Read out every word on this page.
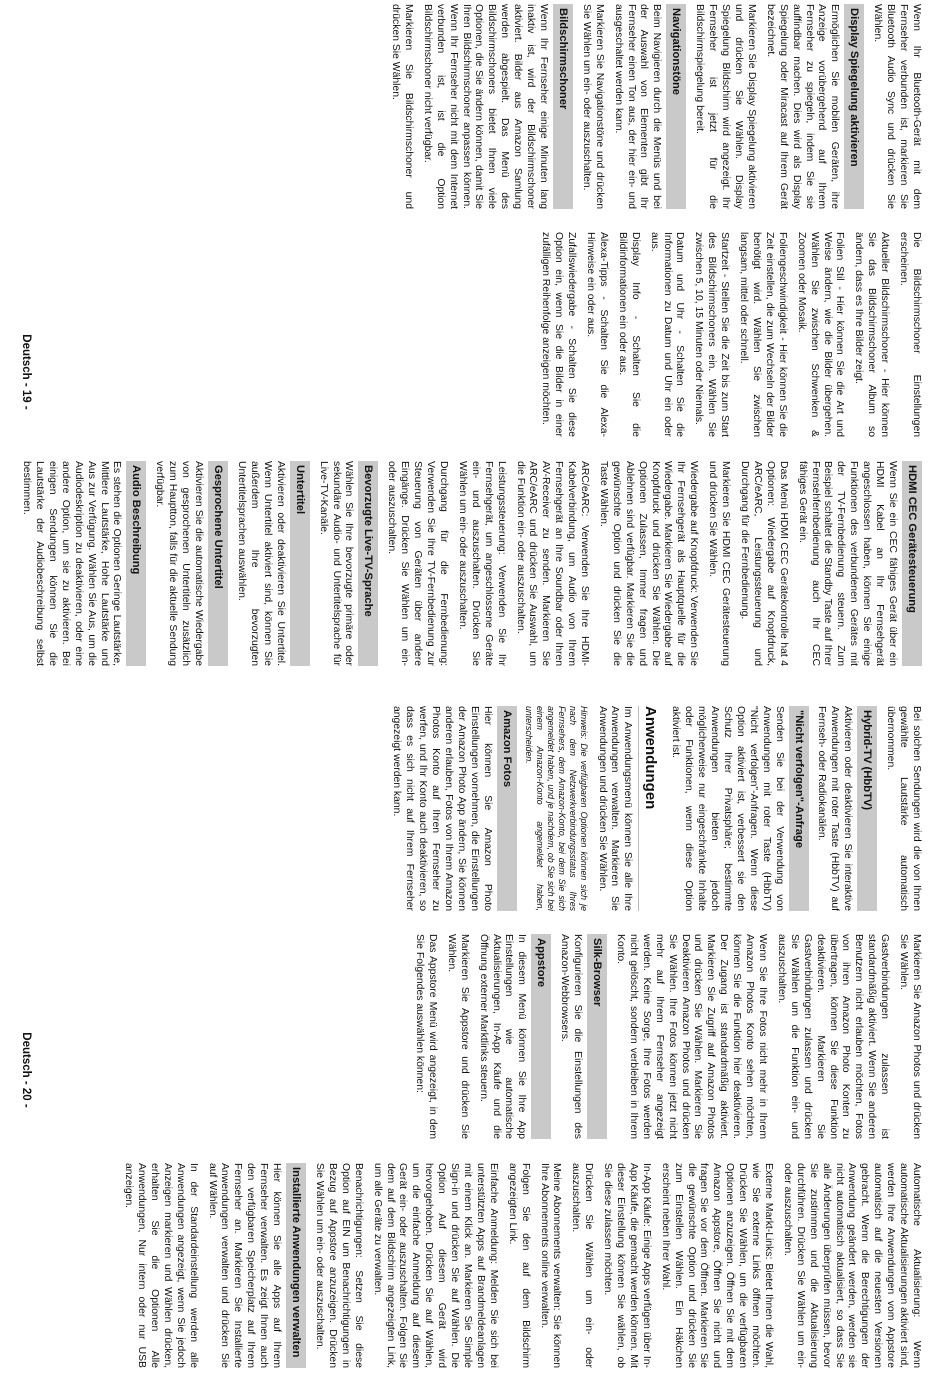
Wenn Ihr Bluetooth-Gerät mit dem Fernseher verbunden ist, markieren Sie Bluetooth Audio Sync und drücken Sie Wählen.

Display Spiegelung aktivieren

Ermöglichen Sie mobilen Geräten, ihre Anzeige vorübergehend auf Ihrem Fernseher zu spiegeln, indem Sie sie auffindbar machen. Dies wird als Display Spiegelung oder Miracast auf Ihrem Gerät bezeichnet.

Markieren Sie Display Spiegelung aktivieren und drücken Sie Wählen. Display Spiegelung Bildschirm wird angezeigt. Ihr Fernseher ist jetzt für die Bildschirmspiegelung bereit.

Navigationstöne

Beim Navigieren durch die Menüs und bei der Auswahl von Elementen gibt Ihr Fernseher einen Ton aus, der hier ein- und ausgeschaltet werden kann.

Markieren Sie Navigationstöne und drücken Sie Wählen um ein- oder auszuschalten.

Bildschirmschoner

Wenn Ihr Fernseher einige Minuten lang inaktiv ist, wird der Bildschirmschoner aktiviert. Bilder aus Amazon Samlung werden abgespielt. Das Menü des Bildschirmschoners bietet Ihnen viele Optionen, die Sie ändern können, damit Sie Ihren Bildschirmschoner anpassen können. Wenn Ihr Fernseher nicht mit dem Internet verbunden ist, ist die Option Bildschirmschoner nicht verfügbar.

Markieren Sie Bildschirmschoner und drücken Sie Wählen.

Die Bildschirmschoner Einstellungen erscheinen.

Aktueller Bildschirmschoner - Hier können Sie das Bildschirmschoner Album so ändern, dass es Ihre Bilder zeigt.

Folien Stil - Hier können Sie die Art und Weise ändern, wie die Bilder übergehen. Wählen Sie zwischen Schwenken & Zoomen oder Mosaik.

Foliengeschwindigkeit - Hier können Sie die Zeit einstellen, die zum Wechseln der Bilder benötigt wird. Wählen Sie zwischen langsam, mittel oder schnell.

Startzeit - Stellen Sie die Zeit bis zum Start des Bildschirmschoners ein. Wählen Sie zwischen 5, 10, 15 Minuten oder Niemals.

Datum und Uhr - Schalten Sie die Informationen zu Datum und Uhr ein oder aus.

Display Info - Schalten Sie die Bildinformationen ein oder aus.

Alexa-Tipps - Schalten Sie die Alexa-Hinweise ein oder aus.

Zufallswiedergabe - Schalten Sie diese Option ein, wenn Sie die Bilder in einer zufälligen Reihenfolge anzeigen möchten.

HDMI CEC Gerätesteuerung

Wenn Sie ein CEC fähiges Gerät über ein HDMI Kabel an Ihr Fernsehgerät angeschlossen haben, können Sie einige Funktionen des verbundenen Gerätes mit der TV-Fernbedienung steuern. Zum Beispiel schaltet die Standby Taste auf Ihrer Fernsehfernbedienung auch Ihr CEC fähiges Gerät ein.

Das Menü HDMI CEC Gerätekontrolle hat 4 Optionen: Wiedergabe auf Knopfdruck, ARC/eARC, Leistungssteuerung und Durchgang für die Fernbedienung.

Markieren Sie HDMI CEC Gerätesteuerung und drücken Sie Wählen.

Wiedergabe auf Knopfdruck: Verwenden Sie Ihr Fernsehgerät als Hauptquelle für die Wiedergabe. Markieren Sie Wiedergabe auf Knopfdruck und drücken Sie Wählen. Die Optionen Zulassen, Immer fragen und Ablehnen sind verfügbar. Markieren Sie die gewünschte Option und drücken Sie die Taste Wählen.

ARC/eARC: Verwenden Sie Ihre HDMI-Kabelverbindung, um Audio von Ihrem Fernsehgerät an Ihre Soundbar oder Ihren AV-Receiver zu senden. Markieren Sie ARC/eARC und drücken Sie Auswahl, um die Funktion ein- oder auszuschalten.

Leistungssteuerung: Verwenden Sie Ihr Fernsehgerät, um angeschlossene Geräte ein- und auszuschalten. Drücken Sie Wählen um ein- oder auszuschalten.

Durchgang für die Fernbedienung: Verwenden Sie Ihre TV-Fernbedienung zur Steuerung von Geräten über andere Eingänge. Drücken Sie Wählen um ein- oder auszuschalten.

Bevorzugte Live-TV-Sprache

Wählen Sie Ihre bevorzugte primäre oder sekundäre Audio- und Untertitelsprache für Live-TV-Kanäle.

Untertitel

Aktivieren oder deaktivieren Sie Untertitel. Wenn Untertitel aktiviert sind, können Sie außerdem Ihre bevorzugten Untertitelsprachen auswählen.

Gesprochene Untertitel

Aktivieren Sie die automatische Wiedergabe von gesprochenen Untertiteln zusätzlich zum Hauptton, falls für die aktuelle Sendung verfügbar.

Audio Beschreibung

Es stehen die Optionen Geringe Lautstärke, Mittlere Lautstärke, Hohe Lautstärke und Aus zur Verfügung. Wählen Sie Aus, um die Audiodeskription zu deaktivieren, oder eine andere Option, um sie zu aktivieren. Bei einigen Sendungen können Sie die Lautstärke der Audiobeschreibung selbst bestimmen.

Deutsch - 19 -

Bei solchen Sendungen wird die von Ihnen gewählte Lautstärke automatisch übernommen.

Hybrid-TV (HbbTV)

Aktivieren oder deaktivieren Sie interaktive Anwendungen mit roter Taste (HbbTV) auf Fernseh- oder Radiokanälen.

"Nicht verfolgen"-Anfrage

Senden Sie bei der Verwendung von Anwendungen mit roter Taste (HbbTV) "Nicht verfolgen"-Anfragen. Wenn diese Option aktiviert ist, verbessert sie den Schutz Ihrer Privatsphäre; bestimmte Anwendungen bieten jedoch möglicherweise nur eingeschränkte Inhalte oder Funktionen, wenn diese Option aktiviert ist.

Anwendungen

Im Anwendungsmenü können Sie alle Ihre Anwendungen verwalten. Markieren Sie Anwendungen und drücken Sie Wählen.

Hinweis: Die verfügbaren Optionen können sich je nach dem Netzwerkverbindungsstatus Ihres Fernsehers, dem Amazon-Konto, bei dem Sie sich angemeldet haben, und je nachdem, ob Sie sich bei einem Amazon-Konto angemeldet haben, unterscheiden.

Amazon Fotos

Hier können Sie Amazon Photo Einstellungen vornehmen, die Einstellungen der Amazon Photo App ändern, Sie können anderen erlauben, Fotos von Ihrem Amazon Photos Konto auf Ihren Fernseher zu werfen, und Ihr Konto auch deaktivieren, so dass es sich nicht auf Ihrem Fernseher angezeigt werden kann.

Markieren Sie Amazon Photos und drücken Sie Wählen.

Gastverbindungen zulassen ist standardmäßig aktiviert. Wenn Sie anderen Benutzern nicht erlauben möchten, Fotos von ihren Amazon Photo Konten zu übertragen, können Sie diese Funktion deaktivieren. Markieren Sie Gastverbindungen zulassen und drücken Sie Wählen um die Funktion ein- und auszuschalten.

Wenn Sie Ihre Fotos nicht mehr in Ihrem Amazon Photos Konto sehen möchten, können Sie die Funktion hier deaktivieren. Der Zugang ist standardmäßig aktiviert. Markieren Sie Zugriff auf Amazon Photos und drücken Sie Wählen. Markieren Sie Deaktivieren Amazon Photos und drücken Sie Wählen. Ihre Fotos können jetzt nicht mehr auf Ihrem Fernseher angezeigt werden. Keine Sorge, Ihre Fotos werden nicht gelöscht, sondern verbleiben in Ihrem Konto.

Silk-Browser

Konfigurieren Sie die Einstellungen des Amazon-Webbrowsers.

Appstore

In diesem Menü können Sie Ihre App Einstellungen wie automatische Aktualisierungen, In-App Käufe und die Öffnung externer Marktlinks steuern.

Markieren Sie Appstore und drücken Sie Wählen.

Das Appstore Menü wird angezeigt, in dem Sie Folgendes auswählen können:

Automatische Aktualisierung: Wenn automatische Aktualisierungen aktiviert sind, werden Ihre Anwendungen vom Appstore automatisch auf die neuesten Versionen gebracht. Wenn die Berechtigungen der Anwendung geändert werden, werden sie nicht automatisch aktualisiert, so dass Sie alle Änderungen überprüfen müssen, bevor Sie zustimmen und die Aktualisierung durchführen. Drücken Sie Wählen um ein- oder auszuschalten.

Externe Markt-Links: Bietet Ihnen die Wahl, wie Sie externe Links öffnen möchten. Drücken Sie Wählen, um die verfügbaren Optionen anzuzeigen. Öffnen Sie mit dem Amazon Appstore, Öffnen Sie nicht und fragen Sie vor dem Öffnen. Markieren Sie die gewünschte Option und drücken Sie zum Einstellen Wählen. Ein Häkchen erscheint neben Ihrer Wahl.

In-App Käufe: Einige Apps verfügen über In-App Käufe, die gemacht werden können. Mit dieser Einstellung können Sie wählen, ob Sie diese zulassen möchten.

Drücken Sie Wählen um ein- oder auszuschalten.

Meine Abonnements verwalten: Sie können Ihre Abonnements online verwalten.

Folgen Sie den auf dem Bildschirm angezeigten Link.

Einfache Anmeldung: Melden Sie sich bei unterstützten Apps auf Brandmeldeanlagen mit einem Klick an. Markieren Sie Simple Sign-in und drücken Sie auf Wählen. Die Option Auf diesem Gerät wird hervorgehoben. Drücken Sie auf Wählen, um die einfache Anmeldung auf diesem Gerät ein- oder auszuschalten. Folgen Sie dem auf dem Bildschirm angezeigten Link, um alle Geräte zu verwalten.

Benachrichtigungen: Setzen Sie diese Option auf EIN um Benachrichtigungen in Bezug auf Appstore anzuzeigen. Drücken Sie Wählen um ein- oder auszuschalten.

Installierte Anwendungen verwalten

Hier können Sie alle Apps auf Ihrem Fernseher verwalten. Es zeigt Ihnen auch den verfügbaren Speicherplatz auf Ihrem Fernseher an. Markieren Sie Installierte Anwendungen verwalten und drücken Sie auf Wählen.

In der Standardeinstellung werden alle Anwendungen angezeigt, wenn Sie jedoch Anzeigen markieren und Wählen drücken, erhalten Sie die Optionen Alle Anwendungen, Nur intern oder nur USB anzeigen.

Deutsch - 20 -
